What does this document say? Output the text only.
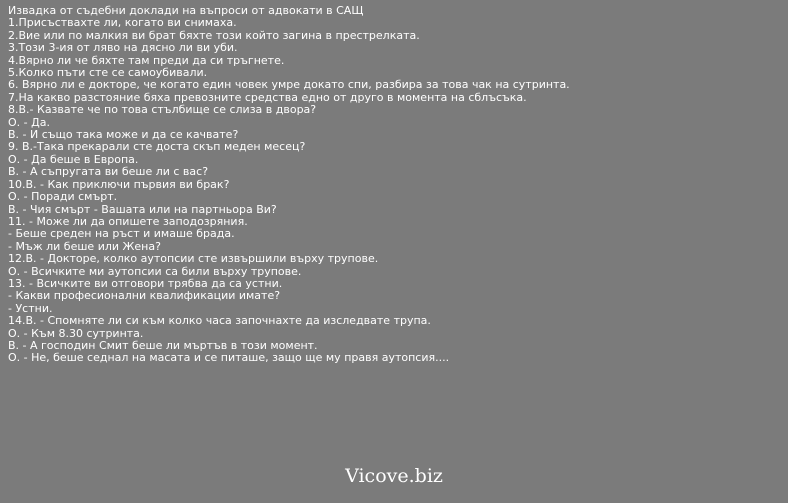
Извадка от съдебни доклади на въпроси от адвокати в САЩ
1.Присъствахте ли, когато ви снимаха.
2.Вие или по малкия ви брат бяхте този който загина в престрелката.
3.Този 3-ия от ляво на дясно ли ви уби.
4.Вярно ли че бяхте там преди да си тръгнете.
5.Колко пъти сте се самоубивали.
6. Вярно ли е докторе, че когато един човек умре докато спи, разбира за това чак на сутринта.
7.На какво разстояние бяха превозните средства едно от друго в момента на сблъсъка.
8.В.- Казвате че по това стълбище се слиза в двора?
О. - Да.
В. - И също така може и да се качвате?
9. В.-Така прекарали сте доста скъп меден месец?
О. - Да беше в Европа.
В. - А съпругата ви беше ли с вас?
10.В. - Как приключи първия ви брак?
О. - Поради смърт.
В. - Чия смърт - Вашата или на партньора Ви?
11. - Може ли да опишете заподозряния.
- Беше среден на ръст и имаше брада.
- Мъж ли беше или Жена?
12.В. - Докторе, колко аутопсии сте извършили върху трупове.
О. - Всичките ми аутопсии са били върху трупове.
13. - Всичките ви отговори трябва да са устни.
- Какви професионални квалификации имате?
- Устни.
14.В. - Спомняте ли си към колко часа започнахте да изследвате трупа.
О. - Към 8.30 сутринта.
В. - А господин Смит беше ли мъртъв в този момент.
О. - Не, беше седнал на масата и се питаше, защо ще му правя аутопсия....
Vicove.biz
